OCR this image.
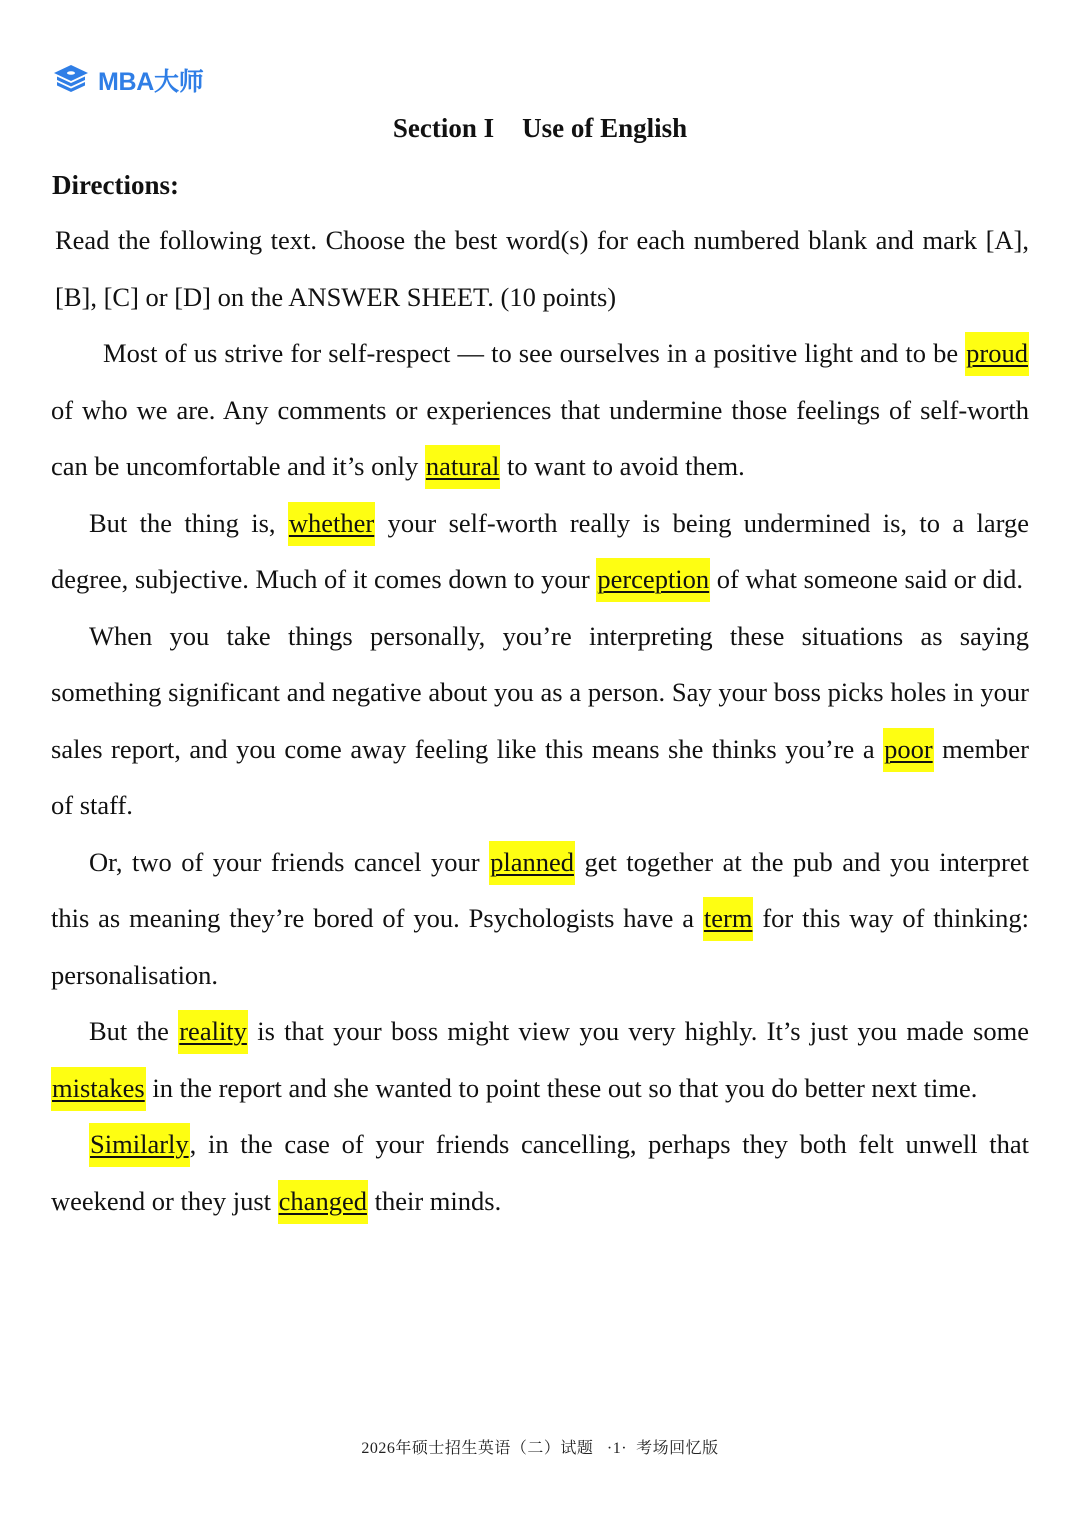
MBA大师
Section I Use of English
Directions:

Read the following text. Choose the best word(s) for each numbered blank and mark [A], [B], [C] or [D] on the ANSWER SHEET. (10 points)

Most of us strive for self-respect — to see ourselves in a positive light and to be proud of who we are. Any comments or experiences that undermine those feelings of self-worth can be uncomfortable and it’s only natural to want to avoid them.

But the thing is, whether your self-worth really is being undermined is, to a large degree, subjective. Much of it comes down to your perception of what someone said or did.

When you take things personally, you’re interpreting these situations as saying something significant and negative about you as a person. Say your boss picks holes in your sales report, and you come away feeling like this means she thinks you’re a poor member of staff.

Or, two of your friends cancel your planned get together at the pub and you interpret this as meaning they’re bored of you. Psychologists have a term for this way of thinking: personalisation.

But the reality is that your boss might view you very highly. It’s just you made some mistakes in the report and she wanted to point these out so that you do better next time.

Similarly, in the case of your friends cancelling, perhaps they both felt unwell that weekend or they just changed their minds.

2026年硕士招生英语（二）试题 ·1· 考场回忆版
